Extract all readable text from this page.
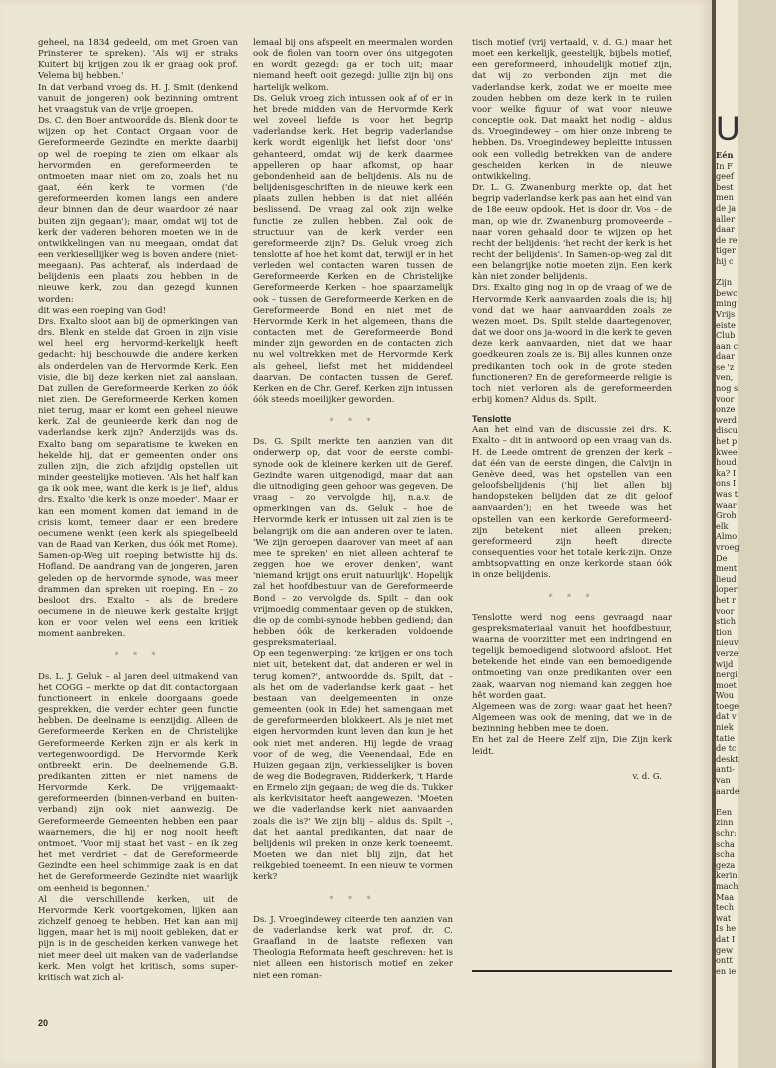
geheel, na 1834 gedeeld, om met Groen van Prinsterer te spreken). 'Als wij er straks Kuitert bij krijgen zou ik er graag ook prof. Velema bij hebben.'

In dat verband vroeg ds. H. J. Smit (denkend vanuit de jongeren) ook bezinning omtrent het vraagstuk van de vrije groepen.

Ds. C. den Boer antwoordde ds. Blenk door te wijzen op het Contact Orgaan voor de Gereformeerde Gezindte en merkte daarbij op wel de roeping te zien om elkaar als hervormden en gereformeerden te ontmoeten maar niet om zo, zoals het nu gaat, één kerk te vormen ('de gereformeerden komen langs een andere deur binnen dan de deur waardoor zé naar buiten zijn gegaan'); maar, omdat wij tot de kerk der vaderen behoren moeten we in de ontwikkelingen van nu meegaan, omdat dat een verkiesellijker weg is boven andere (niet-meegaan). Pas achteraf, als inderdaad de belijdenis een plaats zou hebben in de nieuwe kerk, zou dan gezegd kunnen worden:

dit was een roeping van God!

Drs. Exalto sloot aan bij de opmerkingen van drs. Blenk en stelde dat Groen in zijn visie wel heel erg hervormd-kerkelijk heeft gedacht: hij beschouwde die andere kerken als onderdelen van de Hervormde Kerk. Een visie, die bij deze kerken niet zal aanslaan. Dat zullen de Gereformeerde Kerken zo óók niet zien. De Gereformeerde Kerken komen niet terug, maar er komt een geheel nieuwe kerk. Zal de geunieerde kerk dan nog de vaderlandse kerk zijn? Anderzijds was ds. Exalto bang om separatisme te kweken en hekelde hij, dat er gemeenten onder ons zullen zijn, die zich afzijdig opstellen uit minder geestelijke motieven. 'Als het half kan ga ik ook mee, want die kerk is je lief', aldus drs. Exalto 'die kerk is onze moeder'. Maar er kan een moment komen dat iemand in de crisis komt, temeer daar er een bredere oecumene wenkt (een kerk als spiegelbeeld van de Raad van Kerken, dus óók met Rome). Samen-op-Weg uit roeping betwistte hij ds. Hofland. De aandrang van de jongeren, jaren geleden op de hervormde synode, was meer drammen dan spreken uit roeping. En – zo besloot drs. Exalto – als de bredere oecumene in de nieuwe kerk gestalte krijgt kon er voor velen wel eens een kritiek moment aanbreken.

* * *

Ds. L. J. Geluk – al jaren deel uitmakend van het COGG – merkte op dat dit contactorgaan functioneert in enkele doorgaans goede gesprekken, die verder echter geen functie hebben. De deelname is eenzijdig. Alleen de Gereformeerde Kerken en de Christelijke Gereformeerde Kerken zijn er als kerk in vertegenwoordigd. De Hervormde Kerk ontbreekt erin. De deelnemende G.B. predikanten zitten er niet namens de Hervormde Kerk. De vrijgemaakt-gereformeerden (binnen-verband en buiten-verband) zijn ook niet aanwezig. De Gereformeerde Gemeenten hebben een paar waarnemers, die hij er nog nooit heeft ontmoet. 'Voor mij staat het vast – en ik zeg het met verdriet – dat de Gereformeerde Gezindte een heel schimmige zaak is en dat het de Gereformeerde Gezindte niet waarlijk om eenheid is begonnen.'

Al die verschillende kerken, uit de Hervormde Kerk voortgekomen, lijken aan zichzelf genoeg te hebben. Het kan aan mij liggen, maar het is mij nooit gebleken, dat er pijn is in de gescheiden kerken vanwege het niet meer deel uit maken van de vaderlandse kerk. Men volgt het kritisch, soms super-kritisch wat zich al-

lemaal bij ons afspeelt en meermalen worden ook de fiolen van toorn over óns uitgegoten en wordt gezegd: ga er toch uit; maar niemand heeft ooit gezegd: jullie zijn bij ons hartelijk welkom.

Ds. Geluk vroeg zich intussen ook af of er in het brede midden van de Hervormde Kerk wel zoveel liefde is voor het begrip vaderlandse kerk. Het begrip vaderlandse kerk wordt eigenlijk het liefst door 'ons' gehanteerd, omdat wij de kerk daarmee appelleren op haar afkomst, op haar gebondenheid aan de belijdenis. Als nu de belijdenisgeschriften in de nieuwe kerk een plaats zullen hebben is dat niet alléén beslissend. De vraag zal ook zijn welke functie ze zullen hebben. Zal ook de structuur van de kerk verder een gereformeerde zijn? Ds. Geluk vroeg zich tenslotte af hoe het komt dat, terwijl er in het verleden wel contacten waren tussen de Gereformeerde Kerken en de Christelijke Gereformeerde Kerken – hoe spaarzamelijk ook – tussen de Gereformeerde Kerken en de Gereformeerde Bond en niet met de Hervormde Kerk in het algemeen, thans die contacten met de Gereformeerde Bond minder zijn geworden en de contacten zich nu wel voltrekken met de Hervormde Kerk als geheel, liefst met het middendeel daarvan. De contacten tussen de Geref. Kerken en de Chr. Geref. Kerken zijn intussen óók steeds moeilijker geworden.

* * *

Ds. G. Spilt merkte ten aanzien van dit onderwerp op, dat voor de eerste combi-synode ook de kleinere kerken uit de Geref. Gezindte waren uitgenodigd, maar dat aan die uitnodiging geen gehoor was gegeven. De vraag – zo vervolgde hij, n.a.v. de opmerkingen van ds. Geluk – hoe de Hervormde kerk er intussen uit zal zien is te belangrijk om die aan anderen over te laten. 'We zijn geroepen daarover van meet af aan mee te spreken' en niet alleen achteraf te zeggen hoe we erover denken', want 'niemand krijgt ons eruit natuurlijk'. Hopelijk zal het hoofdbestuur van de Gereformeerde Bond – zo vervolgde ds. Spilt – dan ook vrijmoedig commentaar geven op de stukken, die op de combi-synode hebben gediend; dan hebben óók de kerkeraden voldoende gespreksmateriaal.

Op een tegenwerping: 'ze krijgen er ons toch niet uit, betekent dat, dat anderen er wel in terug komen?', antwoordde ds. Spilt, dat – als het om de vaderlandse kerk gaat – het bestaan van deelgemeenten in onze gemeenten (ook in Ede) het samengaan met de gereformeerden blokkeert. Als je niet met eigen hervormden kunt leven dan kun je het ook niet met anderen. Hij legde de vraag voor of de weg, die Veenendaal, Ede en Huizen gegaan zijn, verkiesselijker is boven de weg die Bodegraven, Ridderkerk, 't Harde en Ermelo zijn gegaan; de weg die ds. Tukker als kerkvisitator heeft aangewezen. 'Moeten we die vaderlandse kerk niet aanvaarden zoals die is?' We zijn blij – aldus ds. Spilt –, dat het aantal predikanten, dat naar de belijdenis wil preken in onze kerk toeneemt. Moeten we dan niet blij zijn, dat het reikgebied toeneemt. In een nieuw te vormen kerk?

* * *

Ds. J. Vroegindewey citeerde ten aanzien van de vaderlandse kerk wat prof. dr. C. Graafland in de laatste reflexen van Theologia Reformata heeft geschreven: het is niet alleen een historisch motief en zeker niet een roman-

tisch motief (vrij vertaald, v. d. G.) maar het moet een kerkelijk, geestelijk, bijbels motief, een gereformeerd, inhoudelijk motief zijn, dat wij zo verbonden zijn met die vaderlandse kerk, zodat we er moeite mee zouden hebben om deze kerk in te ruilen voor welke figuur of wat voor nieuwe conceptie ook. Dat maakt het nodig – aldus ds. Vroegindewey – om hier onze inbreng te hebben. Ds. Vroegindewey bepleitte intussen ook een volledig betrekken van de andere gescheiden kerken in de nieuwe ontwikkeling.

Dr. L. G. Zwanenburg merkte op, dat het begrip vaderlandse kerk pas aan het eind van de 18e eeuw opdook. Het is door dr. Vos – de man, op wie dr. Zwanenburg promoveerde – naar voren gehaald door te wijzen op het recht der belijdenis: 'het recht der kerk is het recht der belijdenis'. In Samen-op-weg zal dit een belangrijke notie moeten zijn. Een kerk kàn niet zonder belijdenis.

Drs. Exalto ging nog in op de vraag of we de Hervormde Kerk aanvaarden zoals die is; hij vond dat we haar aanvaardden zoals ze wezen moet. Ds. Spilt stelde daartegenover, dat we door ons ja-woord in die kerk te geven deze kerk aanvaarden, niet dat we haar goedkeuren zoals ze is. Bij alles kunnen onze predikanten toch ook in de grote steden functioneren? En de gereformeerde religie is toch niet verloren als de gereformeerden erbij komen? Aldus ds. Spilt.

Tenslotte

Aan het eind van de discussie zei drs. K. Exalto – dit in antwoord op een vraag van ds. H. de Leede omtrent de grenzen der kerk – dat één van de eerste dingen, die Calvijn in Genève deed, was het opstellen van een geloofsbelijdenis ('hij liet allen bij handopsteken belijden dat ze dit geloof aanvaarden'); en het tweede was het opstellen van een kerkorde Gereformeerd-zijn betekent niet alleen preken; gereformeerd zijn heeft directe consequenties voor het totale kerk-zijn. Onze ambtsopvatting en onze kerkorde staan óók in onze belijdenis.

* * *

Tenslotte werd nog eens gevraagd naar gespreksmateriaal vanuit het hoofdbestuur, waarna de voorzitter met een indringend en tegelijk bemoedigend slotwoord afsloot. Het betekende het einde van een bemoedigende ontmoeting van onze predikanten over een zaak, waarvan nog niemand kan zeggen hoe hêt worden gaat.

Algemeen was de zorg: waar gaat het heen? Algemeen was ook de mening, dat we in de bezinning hebben mee te doen.

En het zal de Heere Zelf zijn, Die Zijn kerk leidt.

v. d. G.
20
U
Eén
In F
geef
best
men
de ja
aller
daar
de re
tiger
hij c

Zijn
bewc
ming
Vrijs
eiste
Club
aan c
daar
se 'z
ven,
nog s
voor
onze
werd
discu
het p
kwee
houd
ka? I
ons I
was t
waar
Groh
elk
Almo
vroeg
De
ment
lieud
loper
het r
voor
stich
tion
nieuv
verze
wijd
nergi
moet
Wou
toege
dat v
niek
tatie
de tc
deskt
anti-
van
aarde

Een
zinn
schr:
scha
scha
geza
kerin
mach
Maa
tech
wat
Is he
dat I
gew
ontt
en ie
